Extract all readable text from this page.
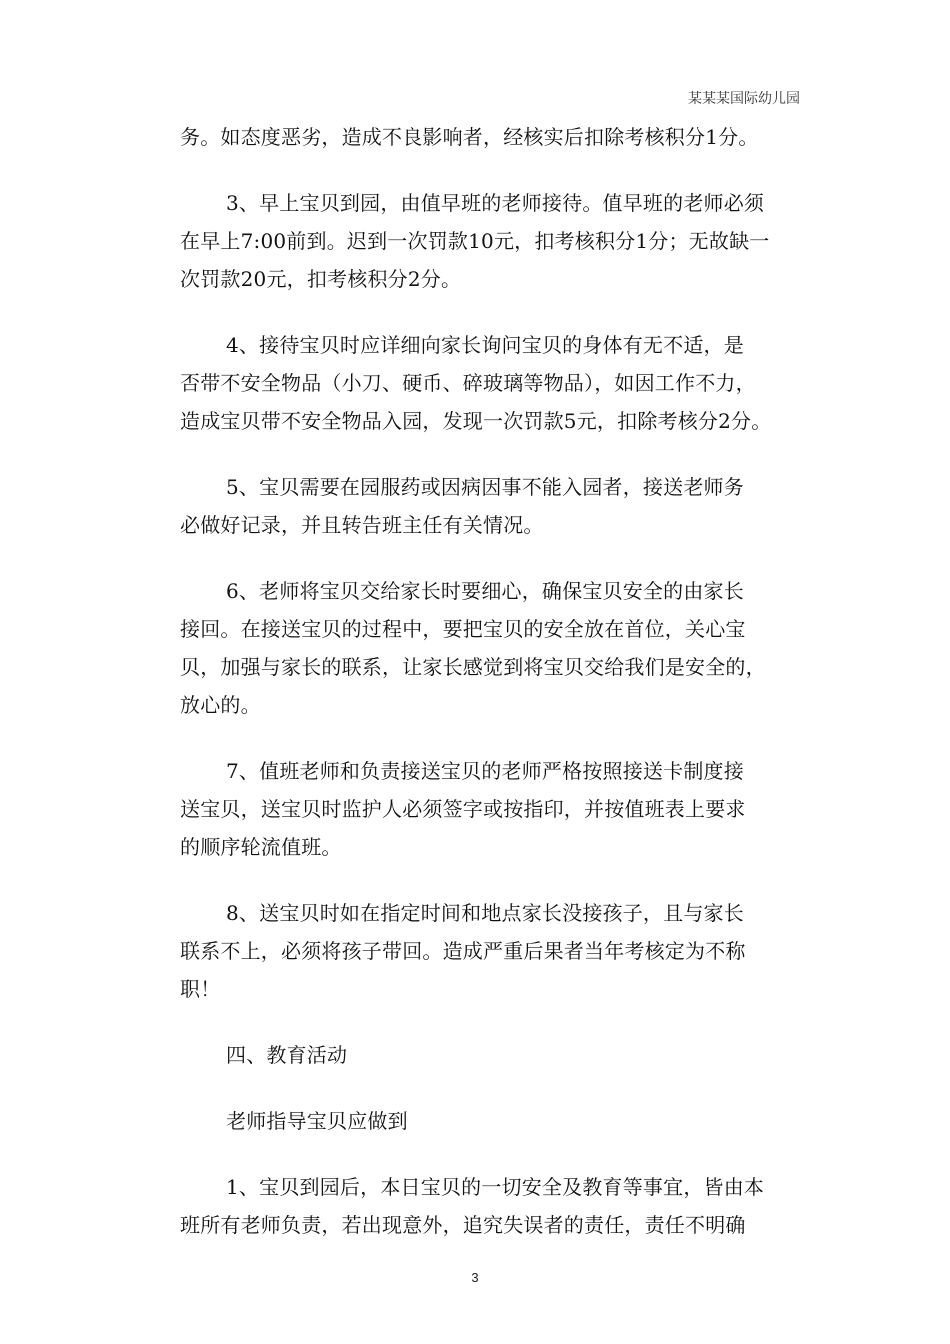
某某某国际幼儿园
务。如态度恶劣，造成不良影响者，经核实后扣除考核积分1分。
3、早上宝贝到园，由值早班的老师接待。值早班的老师必须
在早上7:00前到。迟到一次罚款10元，扣考核积分1分；无故缺一
次罚款20元，扣考核积分2分。
4、接待宝贝时应详细向家长询问宝贝的身体有无不适，是
否带不安全物品（小刀、硬币、碎玻璃等物品），如因工作不力，
造成宝贝带不安全物品入园，发现一次罚款5元，扣除考核分2分。
5、宝贝需要在园服药或因病因事不能入园者，接送老师务
必做好记录，并且转告班主任有关情况。
6、老师将宝贝交给家长时要细心，确保宝贝安全的由家长
接回。在接送宝贝的过程中，要把宝贝的安全放在首位，关心宝
贝，加强与家长的联系，让家长感觉到将宝贝交给我们是安全的，
放心的。
7、值班老师和负责接送宝贝的老师严格按照接送卡制度接
送宝贝，送宝贝时监护人必须签字或按指印，并按值班表上要求
的顺序轮流值班。
8、送宝贝时如在指定时间和地点家长没接孩子，且与家长
联系不上，必须将孩子带回。造成严重后果者当年考核定为不称
职！
四、教育活动
老师指导宝贝应做到
1、宝贝到园后，本日宝贝的一切安全及教育等事宜，皆由本
班所有老师负责，若出现意外，追究失误者的责任，责任不明确
3
